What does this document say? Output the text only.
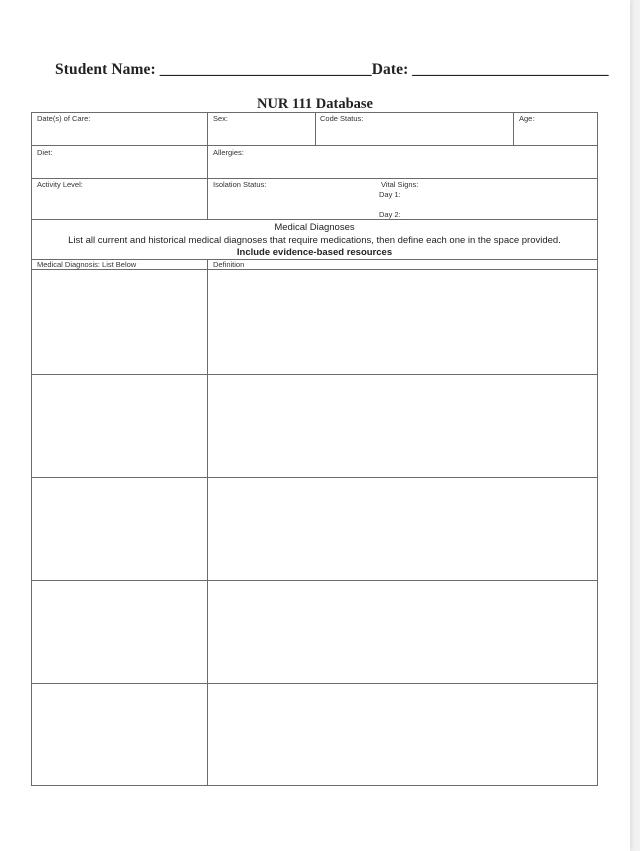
Student Name: ___________________________Date: _________________________
NUR 111 Database
Date(s) of Care:	Sex:	Code Status:	Age:
Diet:	Allergies:
Activity Level:	Isolation Status:	Vital Signs:
Day 1:
Day 2:
Medical Diagnoses
List all current and historical medical diagnoses that require medications, then define each one in the space provided.
Include evidence-based resources
Medical Diagnosis: List Below	Definition
